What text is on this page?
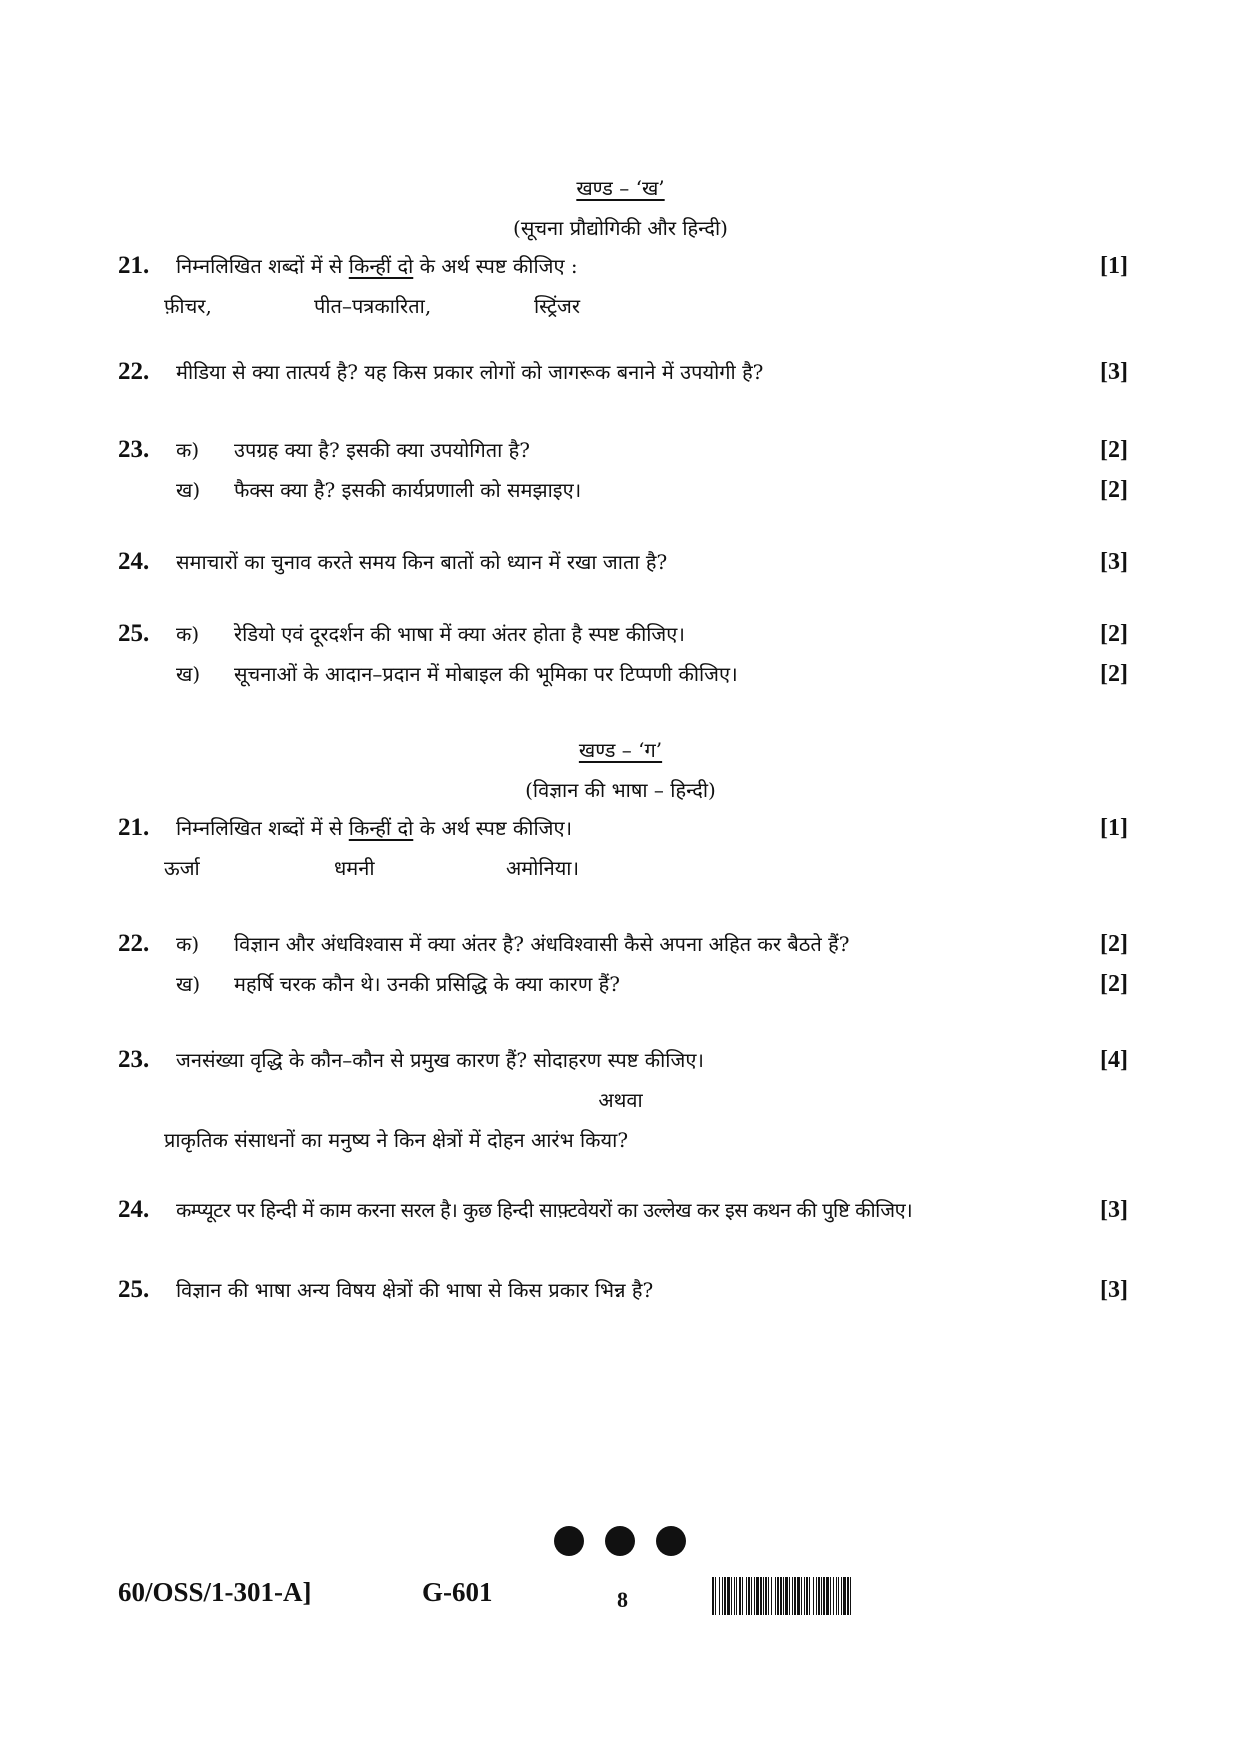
खण्ड – ‘ख’
(सूचना प्रौद्योगिकी और हिन्दी)
21. निम्नलिखित शब्दों में से किन्हीं दो के अर्थ स्पष्ट कीजिए :	[1]
फ़ीचर,	पीत–पत्रकारिता,	स्ट्रिंजर
22. मीडिया से क्या तात्पर्य है? यह किस प्रकार लोगों को जागरूक बनाने में उपयोगी है?	[3]
23. क) उपग्रह क्या है? इसकी क्या उपयोगिता है?	[2]
ख) फैक्स क्या है? इसकी कार्यप्रणाली को समझाइए।	[2]
24. समाचारों का चुनाव करते समय किन बातों को ध्यान में रखा जाता है?	[3]
25. क) रेडियो एवं दूरदर्शन की भाषा में क्या अंतर होता है स्पष्ट कीजिए।	[2]
ख) सूचनाओं के आदान–प्रदान में मोबाइल की भूमिका पर टिप्पणी कीजिए।	[2]
खण्ड – ‘ग’
(विज्ञान की भाषा – हिन्दी)
21. निम्नलिखित शब्दों में से किन्हीं दो के अर्थ स्पष्ट कीजिए।	[1]
ऊर्जा	धमनी	अमोनिया।
22. क) विज्ञान और अंधविश्वास में क्या अंतर है? अंधविश्वासी कैसे अपना अहित कर बैठते हैं?	[2]
ख) महर्षि चरक कौन थे। उनकी प्रसिद्धि के क्या कारण हैं?	[2]
23. जनसंख्या वृद्धि के कौन–कौन से प्रमुख कारण हैं? सोदाहरण स्पष्ट कीजिए।	[4]
अथवा
प्राकृतिक संसाधनों का मनुष्य ने किन क्षेत्रों में दोहन आरंभ किया?
24. कम्प्यूटर पर हिन्दी में काम करना सरल है। कुछ हिन्दी साफ़्टवेयरों का उल्लेख कर इस कथन की पुष्टि कीजिए।	[3]
25. विज्ञान की भाषा अन्य विषय क्षेत्रों की भाषा से किस प्रकार भिन्न है?	[3]
60/OSS/1-301-A]	G-601	8
